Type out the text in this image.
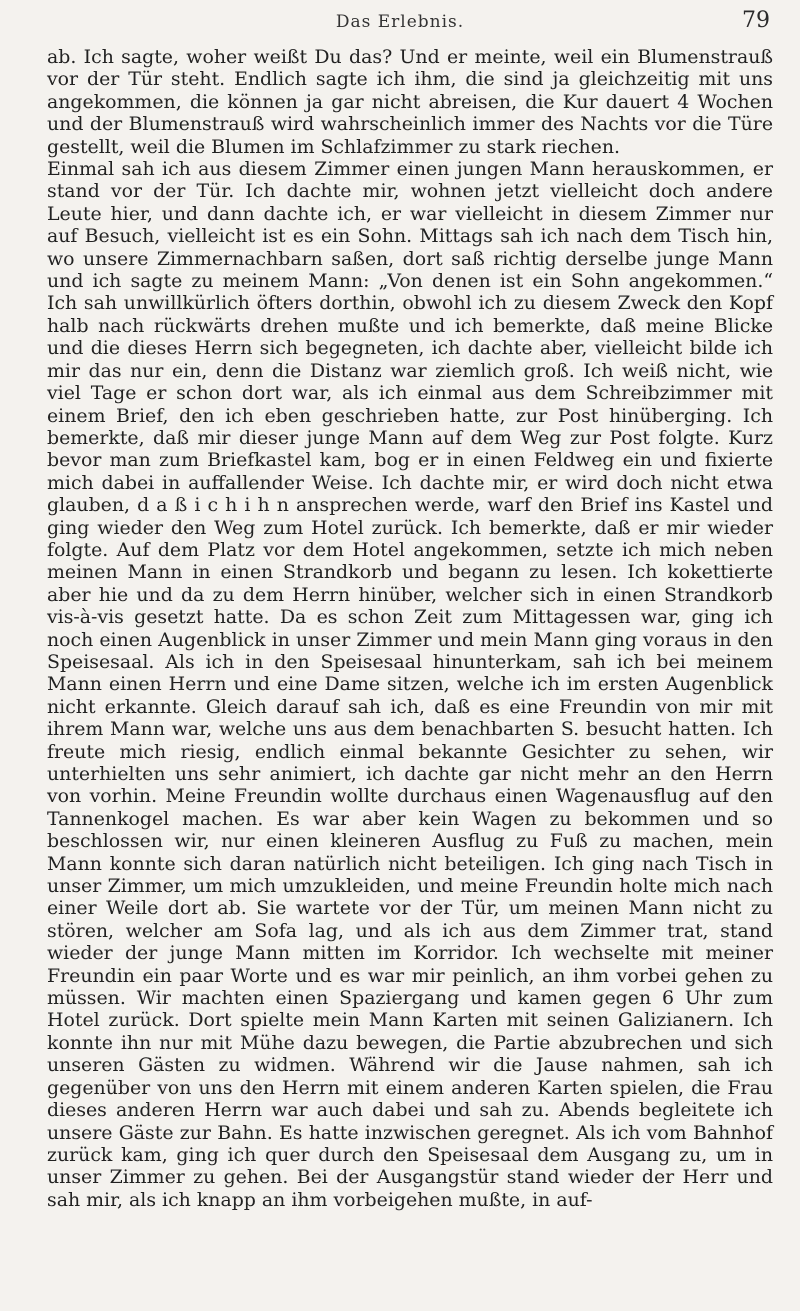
Das Erlebnis.	79

ab. Ich sagte, woher weißt Du das? Und er meinte, weil ein Blumenstrauß vor der Tür steht. Endlich sagte ich ihm, die sind ja gleichzeitig mit uns angekommen, die können ja gar nicht abreisen, die Kur dauert 4 Wochen und der Blumenstrauß wird wahrscheinlich immer des Nachts vor die Türe gestellt, weil die Blumen im Schlafzimmer zu stark riechen.

Einmal sah ich aus diesem Zimmer einen jungen Mann herauskommen, er stand vor der Tür. Ich dachte mir, wohnen jetzt vielleicht doch andere Leute hier, und dann dachte ich, er war vielleicht in diesem Zimmer nur auf Besuch, vielleicht ist es ein Sohn. Mittags sah ich nach dem Tisch hin, wo unsere Zimmernachbarn saßen, dort saß richtig derselbe junge Mann und ich sagte zu meinem Mann: „Von denen ist ein Sohn angekommen.“ Ich sah unwillkürlich öfters dorthin, obwohl ich zu diesem Zweck den Kopf halb nach rückwärts drehen mußte und ich bemerkte, daß meine Blicke und die dieses Herrn sich begegneten, ich dachte aber, vielleicht bilde ich mir das nur ein, denn die Distanz war ziemlich groß. Ich weiß nicht, wie viel Tage er schon dort war, als ich einmal aus dem Schreibzimmer mit einem Brief, den ich eben geschrieben hatte, zur Post hinüberging. Ich bemerkte, daß mir dieser junge Mann auf dem Weg zur Post folgte. Kurz bevor man zum Briefkastel kam, bog er in einen Feldweg ein und fixierte mich dabei in auffallender Weise. Ich dachte mir, er wird doch nicht etwa glauben, d a ß i c h i h n ansprechen werde, warf den Brief ins Kastel und ging wieder den Weg zum Hotel zurück. Ich bemerkte, daß er mir wieder folgte. Auf dem Platz vor dem Hotel angekommen, setzte ich mich neben meinen Mann in einen Strandkorb und begann zu lesen. Ich kokettierte aber hie und da zu dem Herrn hinüber, welcher sich in einen Strandkorb vis-à-vis gesetzt hatte. Da es schon Zeit zum Mittagessen war, ging ich noch einen Augenblick in unser Zimmer und mein Mann ging voraus in den Speisesaal. Als ich in den Speisesaal hinunterkam, sah ich bei meinem Mann einen Herrn und eine Dame sitzen, welche ich im ersten Augenblick nicht erkannte. Gleich darauf sah ich, daß es eine Freundin von mir mit ihrem Mann war, welche uns aus dem benachbarten S. besucht hatten. Ich freute mich riesig, endlich einmal bekannte Gesichter zu sehen, wir unterhielten uns sehr animiert, ich dachte gar nicht mehr an den Herrn von vorhin. Meine Freundin wollte durchaus einen Wagenausflug auf den Tannenkogel machen. Es war aber kein Wagen zu bekommen und so beschlossen wir, nur einen kleineren Ausflug zu Fuß zu machen, mein Mann konnte sich daran natürlich nicht beteiligen. Ich ging nach Tisch in unser Zimmer, um mich umzukleiden, und meine Freundin holte mich nach einer Weile dort ab. Sie wartete vor der Tür, um meinen Mann nicht zu stören, welcher am Sofa lag, und als ich aus dem Zimmer trat, stand wieder der junge Mann mitten im Korridor. Ich wechselte mit meiner Freundin ein paar Worte und es war mir peinlich, an ihm vorbei gehen zu müssen. Wir machten einen Spaziergang und kamen gegen 6 Uhr zum Hotel zurück. Dort spielte mein Mann Karten mit seinen Galizianern. Ich konnte ihn nur mit Mühe dazu bewegen, die Partie abzubrechen und sich unseren Gästen zu widmen. Während wir die Jause nahmen, sah ich gegenüber von uns den Herrn mit einem anderen Karten spielen, die Frau dieses anderen Herrn war auch dabei und sah zu. Abends begleitete ich unsere Gäste zur Bahn. Es hatte inzwischen geregnet. Als ich vom Bahnhof zurück kam, ging ich quer durch den Speisesaal dem Ausgang zu, um in unser Zimmer zu gehen. Bei der Ausgangstür stand wieder der Herr und sah mir, als ich knapp an ihm vorbeigehen mußte, in auf-
